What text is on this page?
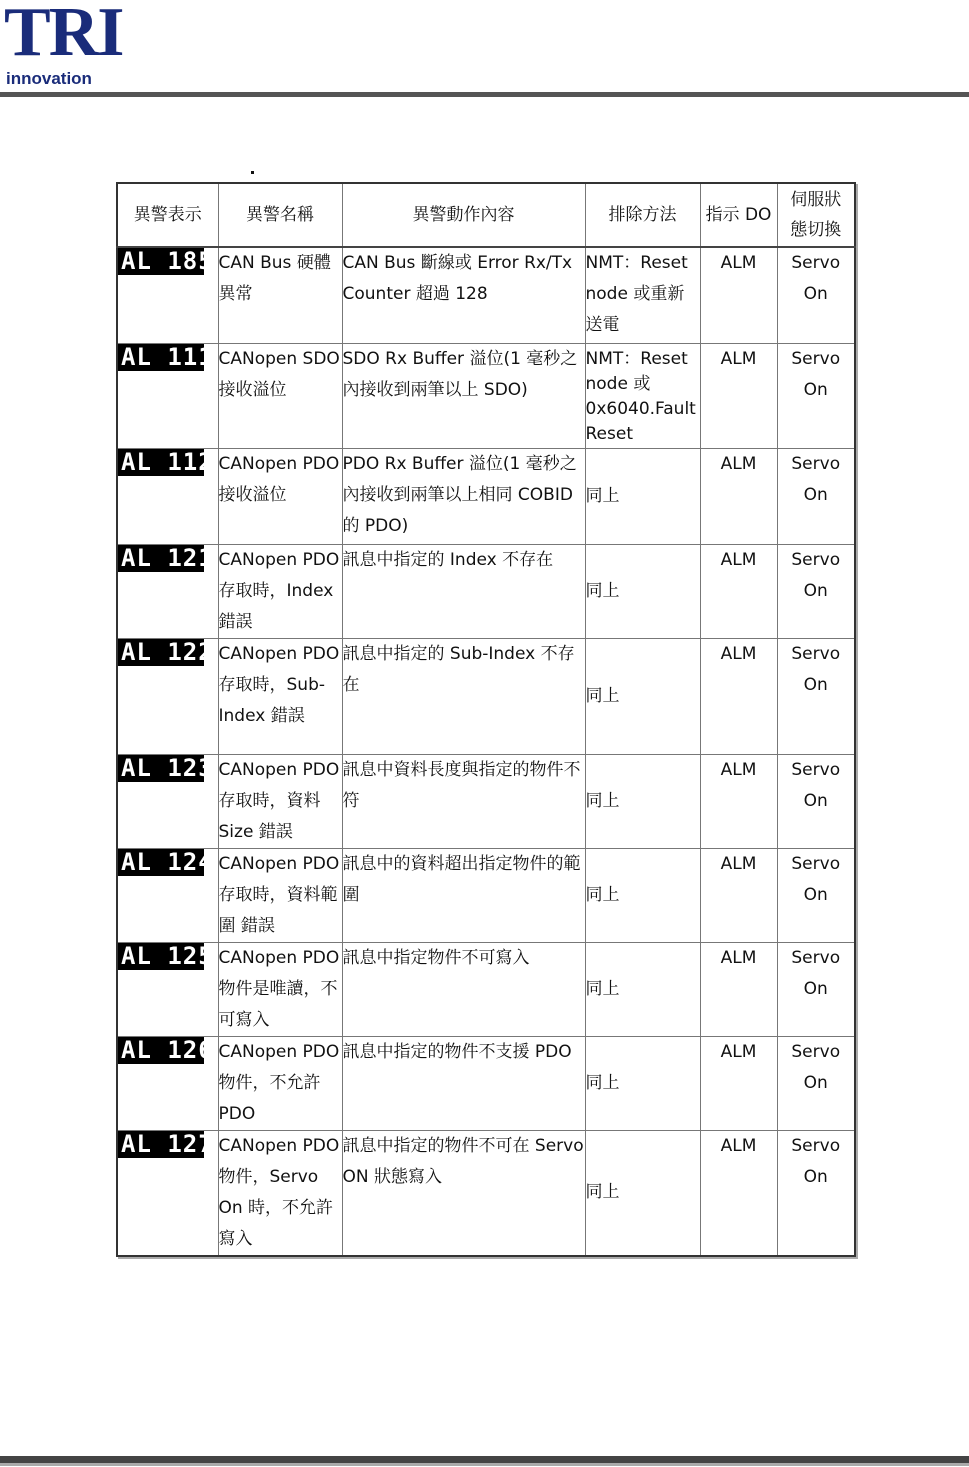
TRI
innovation
異警表示	異警名稱	異警動作內容	排除方法	指示 DO	伺服狀態切換
AL 185	CAN Bus 硬體異常	CAN Bus 斷線或 Error Rx/Tx Counter 超過 128	NMT：Reset node 或重新送電	ALM	Servo On
AL 111	CANopen SDO 接收溢位	SDO Rx Buffer 溢位(1 毫秒之內接收到兩筆以上 SDO)	NMT：Reset node 或 0x6040.Fault Reset	ALM	Servo On
AL 112	CANopen PDO 接收溢位	PDO Rx Buffer 溢位(1 毫秒之內接收到兩筆以上相同 COBID 的 PDO)	同上	ALM	Servo On
AL 121	CANopen PDO 存取時，Index 錯誤	訊息中指定的 Index 不存在	同上	ALM	Servo On
AL 122	CANopen PDO 存取時，Sub-Index 錯誤	訊息中指定的 Sub-Index 不存在	同上	ALM	Servo On
AL 123	CANopen PDO 存取時，資料 Size 錯誤	訊息中資料長度與指定的物件不符	同上	ALM	Servo On
AL 124	CANopen PDO 存取時，資料範圍 錯誤	訊息中的資料超出指定物件的範圍	同上	ALM	Servo On
AL 125	CANopen PDO 物件是唯讀，不可寫入	訊息中指定物件不可寫入	同上	ALM	Servo On
AL 126	CANopen PDO 物件，不允許 PDO	訊息中指定的物件不支援 PDO	同上	ALM	Servo On
AL 127	CANopen PDO 物件，Servo On 時，不允許寫入	訊息中指定的物件不可在 Servo ON 狀態寫入	同上	ALM	Servo On
